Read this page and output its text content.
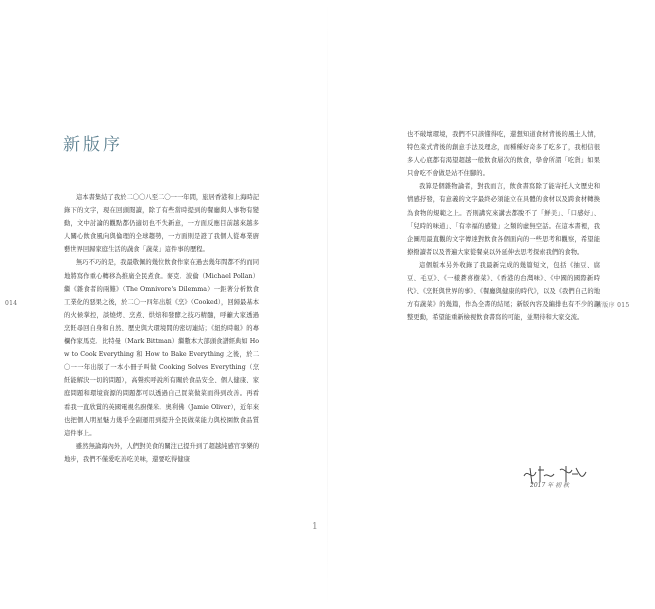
新版序

這本書集結了我於二〇〇八至二〇一一年間，旅居香港和上海時記錄下的文字，現在回頭閱讀，除了有些當時提到的餐廳與人事物有變動，文中討論的觀點都仍適切也不失新意，一方面反應目前越來越多人關心飲食風向與倫理的全球趨勢，一方面則是證了我個人從專業廚藝世界回歸家庭生活的蔬食「蔬菜」這件事的歷程。

無巧不巧的是，我最敬佩的幾位飲食作家在過去幾年間都不約而同地將寫作重心轉移為推廣全民煮食。麥克．波倫（Michael Pollan）繼《雜食者的兩難》（The Omnivore's Dilemma）一鉅著分析飲食工業化的惡果之後，於二〇一四年出版《烹》（Cooked），回歸最基本的火候掌控，談燒烤、烹煮、烘焙和發酵之技巧精髓，呼籲大家透過烹飪尋回自身和自然、歷史與大環境間的密切連結；《紐約時報》的專欄作家馬克．比特曼（Mark Bittman）繼數本大部頭食譜經典如 How to Cook Everything 和 How to Bake Everything 之後，於二〇一一年出版了一本小冊子叫做 Cooking Solves Everything（烹飪能解決一切的問題），高聲疾呼說所有關於食品安全、個人健康、家庭問題和環境資源的問題都可以透過自己買菜做菜而得到改善。再看看我一直欣賞的英國電視名廚傑米．奧利佛（Jamie Oliver），近年來也把個人明星魅力幾乎全副運用到提升全民做菜能力與校園飲食品質這件事上。

雖然無論海內外，人們對美食的關注已提升到了超越純感官享樂的地步，我們不僅愛吃善吃美味，還要吃得健康

014

也不破壞環境，我們不只該懂得吃，還想知道食材背後的風土人情，特色菜式背後的創意手法及理念，而種種好奇多了吃多了，我相信很多人心底都有渴望超越一般飲食層次的飲食，學會所謂「吃貨」如果只會吃不會做是站不住腳的。

我算是個雜物論者，對我而言，飲食書寫除了能寄托人文歷史和情感抒發，有意義的文字最終必須能立在具體的食材以及跨食材轉換為食物的規範之上。否則講究來講去都脫不了「鮮美」、「口感好」、「兒時的味道」、「有幸福的感覺」之類的虛無空話。在這本書裡，我企圖用最直觀的文字傳達對飲食各個面向的一些思考和觀察，希望能撩撥讀者以及普遍大家從餐桌以外延伸去思考探索我們的食物。

這個版本另外收錄了我最新完成的幾篇短文，包括《抽豆、腐豆、毛豆》、《一樣蒼喜樹菜》、《香港的台灣味》、《中國的國際新時代》、《烹飪與世界的事》、《餐廳與健康的時代》，以及《我們自己的地方有蔬菜》的幾篇，作為全書的結尾；新版內容及編排也有不少的調整更動，希望能重新檢視飲食書寫的可能，並期待和大家交流。

2017 年 初 秋
新版序 015
1
